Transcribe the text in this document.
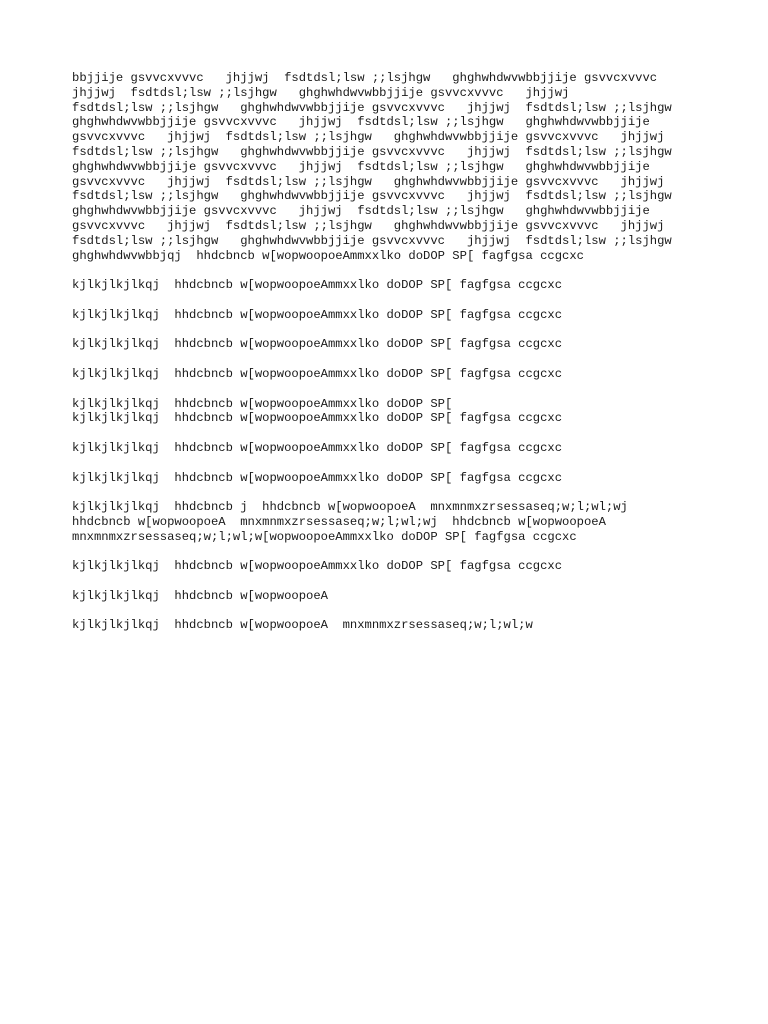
bbjjije gsvvcxvvvc   jhjjwj  fsdtdsl;lsw ;;lsjhgw   ghghwhdwvwbbjjije gsvvcxvvvc
jhjjwj  fsdtdsl;lsw ;;lsjhgw   ghghwhdwvwbbjjije gsvvcxvvvc   jhjjwj
fsdtdsl;lsw ;;lsjhgw   ghghwhdwvwbbjjije gsvvcxvvvc   jhjjwj  fsdtdsl;lsw ;;lsjhgw
ghghwhdwvwbbjjije gsvvcxvvvc   jhjjwj  fsdtdsl;lsw ;;lsjhgw   ghghwhdwvwbbjjije
gsvvcxvvvc   jhjjwj  fsdtdsl;lsw ;;lsjhgw   ghghwhdwvwbbjjije gsvvcxvvvc   jhjjwj
fsdtdsl;lsw ;;lsjhgw   ghghwhdwvwbbjjije gsvvcxvvvc   jhjjwj  fsdtdsl;lsw ;;lsjhgw
ghghwhdwvwbbjjije gsvvcxvvvc   jhjjwj  fsdtdsl;lsw ;;lsjhgw   ghghwhdwvwbbjjije
gsvvcxvvvc   jhjjwj  fsdtdsl;lsw ;;lsjhgw   ghghwhdwvwbbjjije gsvvcxvvvc   jhjjwj
fsdtdsl;lsw ;;lsjhgw   ghghwhdwvwbbjjije gsvvcxvvvc   jhjjwj  fsdtdsl;lsw ;;lsjhgw
ghghwhdwvwbbjjije gsvvcxvvvc   jhjjwj  fsdtdsl;lsw ;;lsjhgw   ghghwhdwvwbbjjije
gsvvcxvvvc   jhjjwj  fsdtdsl;lsw ;;lsjhgw   ghghwhdwvwbbjjije gsvvcxvvvc   jhjjwj
fsdtdsl;lsw ;;lsjhgw   ghghwhdwvwbbjjije gsvvcxvvvc   jhjjwj  fsdtdsl;lsw ;;lsjhgw
ghghwhdwvwbbjqj  hhdcbncb w[wopwoopoeAmmxxlko doDOP SP[ fagfgsa ccgcxc
kjlkjlkjlkqj  hhdcbncb w[wopwoopoeAmmxxlko doDOP SP[ fagfgsa ccgcxc
kjlkjlkjlkqj  hhdcbncb w[wopwoopoeAmmxxlko doDOP SP[ fagfgsa ccgcxc
kjlkjlkjlkqj  hhdcbncb w[wopwoopoeAmmxxlko doDOP SP[ fagfgsa ccgcxc
kjlkjlkjlkqj  hhdcbncb w[wopwoopoeAmmxxlko doDOP SP[ fagfgsa ccgcxc
kjlkjlkjlkqj  hhdcbncb w[wopwoopoeAmmxxlko doDOP SP[
kjlkjlkjlkqj  hhdcbncb w[wopwoopoeAmmxxlko doDOP SP[ fagfgsa ccgcxc
kjlkjlkjlkqj  hhdcbncb w[wopwoopoeAmmxxlko doDOP SP[ fagfgsa ccgcxc
kjlkjlkjlkqj  hhdcbncb w[wopwoopoeAmmxxlko doDOP SP[ fagfgsa ccgcxc
kjlkjlkjlkqj  hhdcbncb j  hhdcbncb w[wopwoopoeA  mnxmnmxzrsessaseq;w;l;wl;wj
hhdcbncb w[wopwoopoeA  mnxmnmxzrsessaseq;w;l;wl;wj  hhdcbncb w[wopwoopoeA
mnxmnmxzrsessaseq;w;l;wl;w[wopwoopoeAmmxxlko doDOP SP[ fagfgsa ccgcxc
kjlkjlkjlkqj  hhdcbncb w[wopwoopoeAmmxxlko doDOP SP[ fagfgsa ccgcxc
kjlkjlkjlkqj  hhdcbncb w[wopwoopoeA
kjlkjlkjlkqj  hhdcbncb w[wopwoopoeA  mnxmnmxzrsessaseq;w;l;wl;w
